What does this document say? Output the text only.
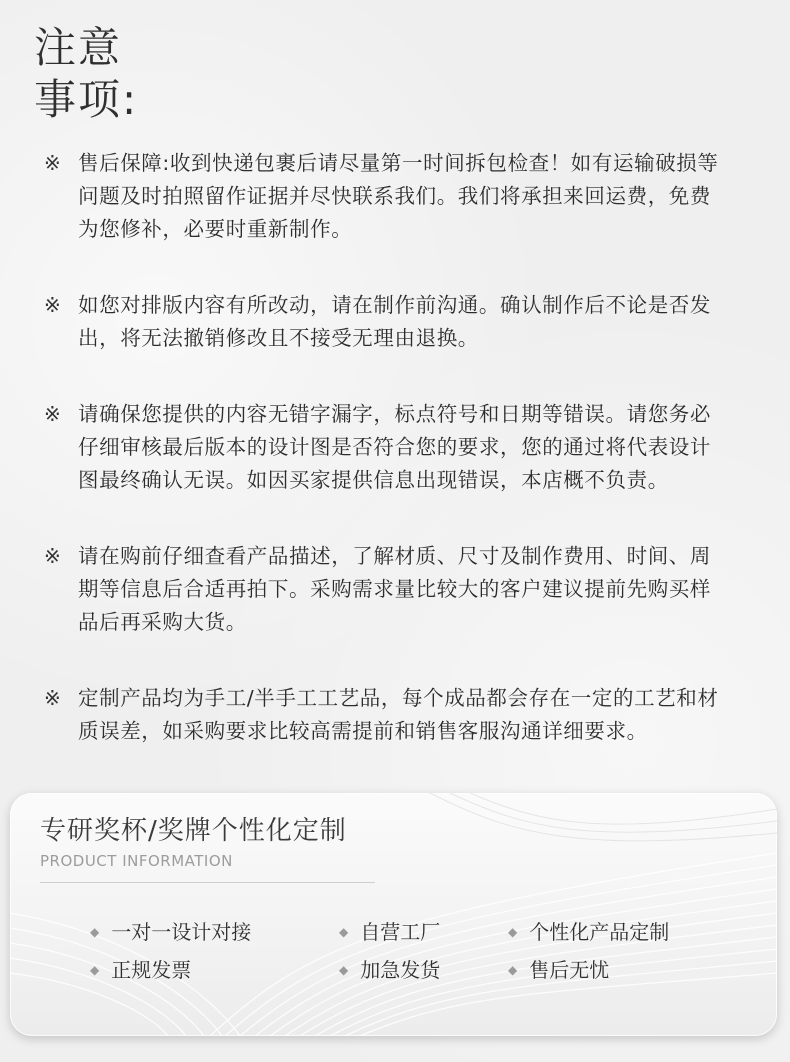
注意
事项:
※ 售后保障:收到快递包裹后请尽量第一时间拆包检查！如有运输破损等问题及时拍照留作证据并尽快联系我们。我们将承担来回运费，免费为您修补，必要时重新制作。
※ 如您对排版内容有所改动，请在制作前沟通。确认制作后不论是否发出，将无法撤销修改且不接受无理由退换。
※ 请确保您提供的内容无错字漏字，标点符号和日期等错误。请您务必仔细审核最后版本的设计图是否符合您的要求，您的通过将代表设计图最终确认无误。如因买家提供信息出现错误，本店概不负责。
※ 请在购前仔细查看产品描述，了解材质、尺寸及制作费用、时间、周期等信息后合适再拍下。采购需求量比较大的客户建议提前先购买样品后再采购大货。
※ 定制产品均为手工/半手工工艺品，每个成品都会存在一定的工艺和材质误差，如采购要求比较高需提前和销售客服沟通详细要求。
专研奖杯/奖牌个性化定制
PRODUCT INFORMATION
◆ 一对一设计对接	◆ 自营工厂	◆ 个性化产品定制
◆ 正规发票	◆ 加急发货	◆ 售后无忧
